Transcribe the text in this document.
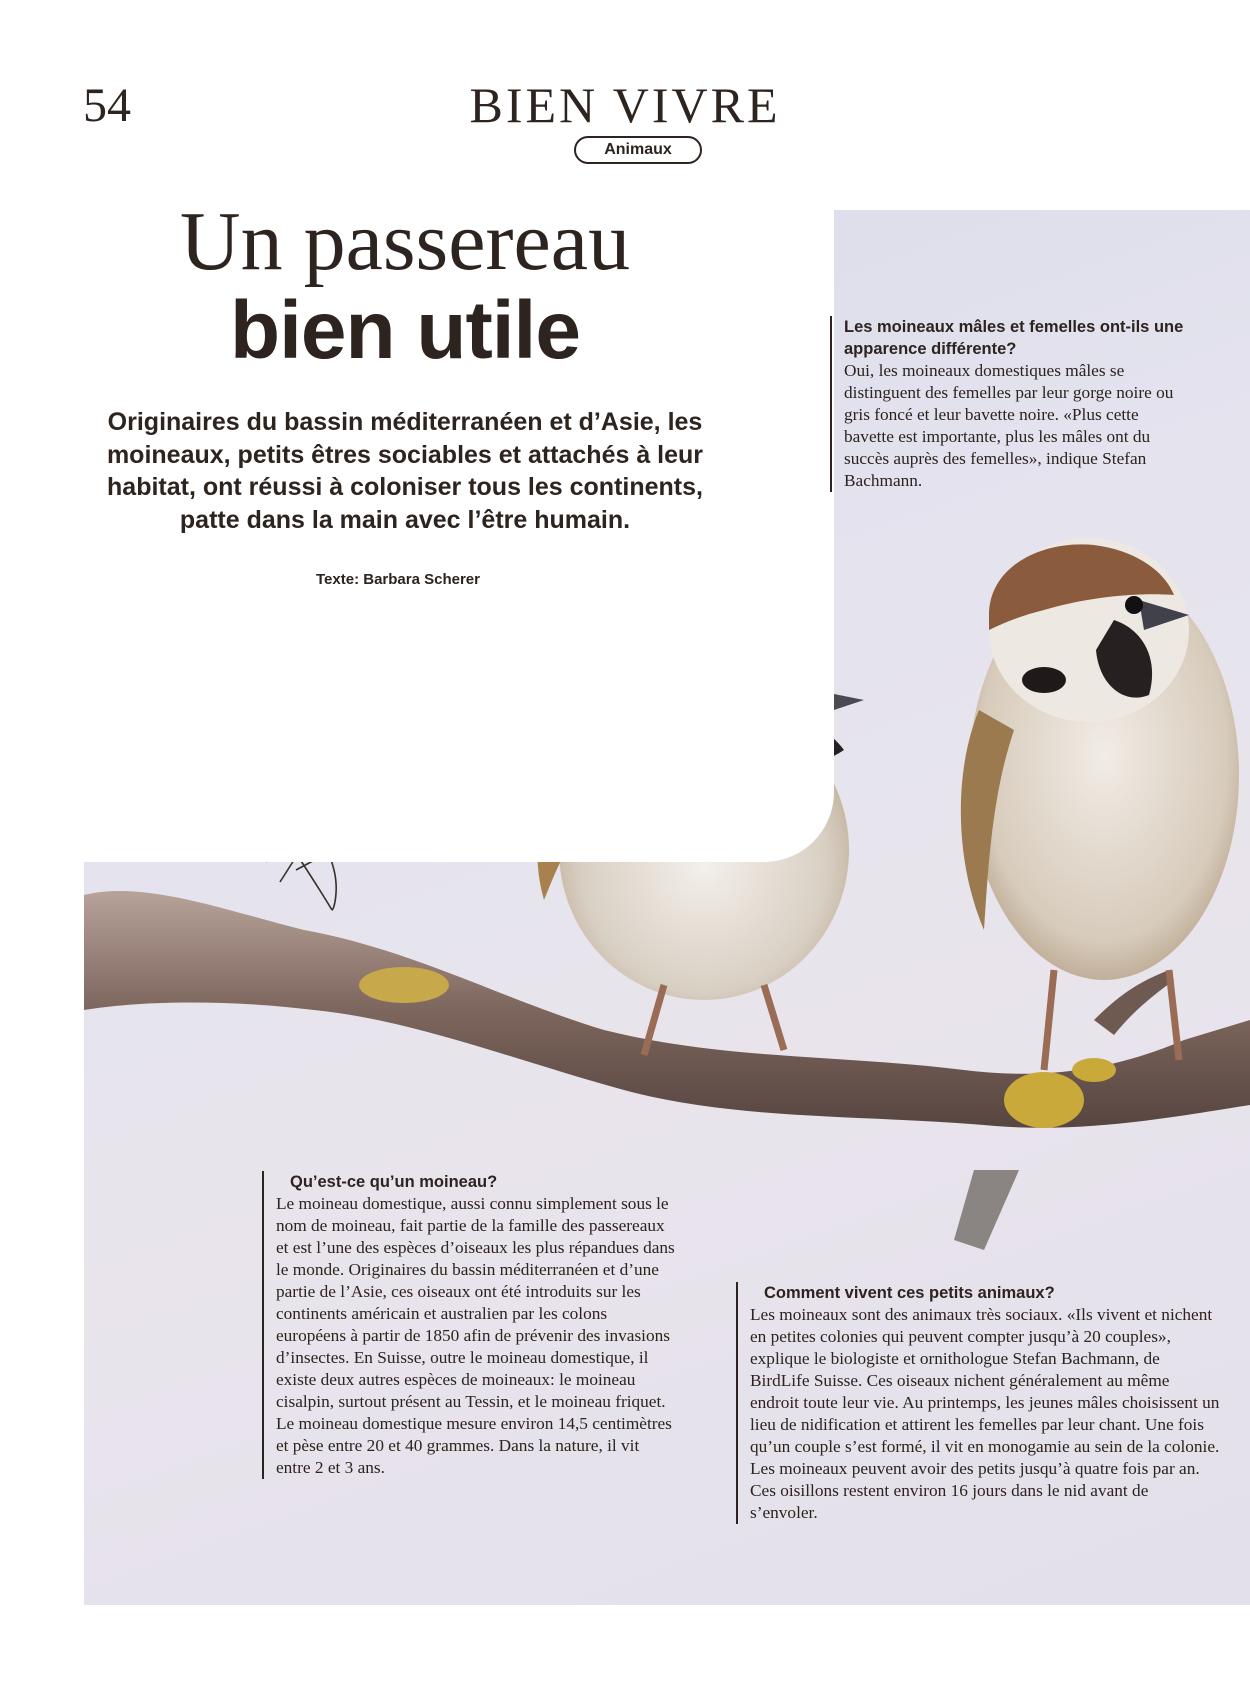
54	BIEN VIVRE
Animaux
Un passereau
bien utile
Originaires du bassin méditerranéen et d’Asie, les moineaux, petits êtres sociables et attachés à leur habitat, ont réussi à coloniser tous les continents, patte dans la main avec l’être humain.
Texte: Barbara Scherer
Les moineaux mâles et femelles ont-ils une apparence différente?
Oui, les moineaux domestiques mâles se distinguent des femelles par leur gorge noire ou gris foncé et leur bavette noire. «Plus cette bavette est importante, plus les mâles ont du succès auprès des femelles», indique Stefan Bachmann.
Qu’est-ce qu’un moineau?
Le moineau domestique, aussi connu simplement sous le nom de moineau, fait partie de la famille des passereaux et est l’une des espèces d’oiseaux les plus répandues dans le monde. Originaires du bassin méditerranéen et d’une partie de l’Asie, ces oiseaux ont été introduits sur les continents américain et australien par les colons européens à partir de 1850 afin de prévenir des invasions d’insectes. En Suisse, outre le moineau domestique, il existe deux autres espèces de moineaux: le moineau cisalpin, surtout présent au Tessin, et le moineau friquet. Le moineau domestique mesure environ 14,5 centimètres et pèse entre 20 et 40 grammes. Dans la nature, il vit entre 2 et 3 ans.
Comment vivent ces petits animaux?
Les moineaux sont des animaux très sociaux. «Ils vivent et nichent en petites colonies qui peuvent compter jusqu’à 20 couples», explique le biologiste et ornithologue Stefan Bachmann, de BirdLife Suisse. Ces oiseaux nichent généralement au même endroit toute leur vie. Au printemps, les jeunes mâles choisissent un lieu de nidification et attirent les femelles par leur chant. Une fois qu’un couple s’est formé, il vit en monogamie au sein de la colonie. Les moineaux peuvent avoir des petits jusqu’à quatre fois par an. Ces oisillons restent environ 16 jours dans le nid avant de s’envoler.
